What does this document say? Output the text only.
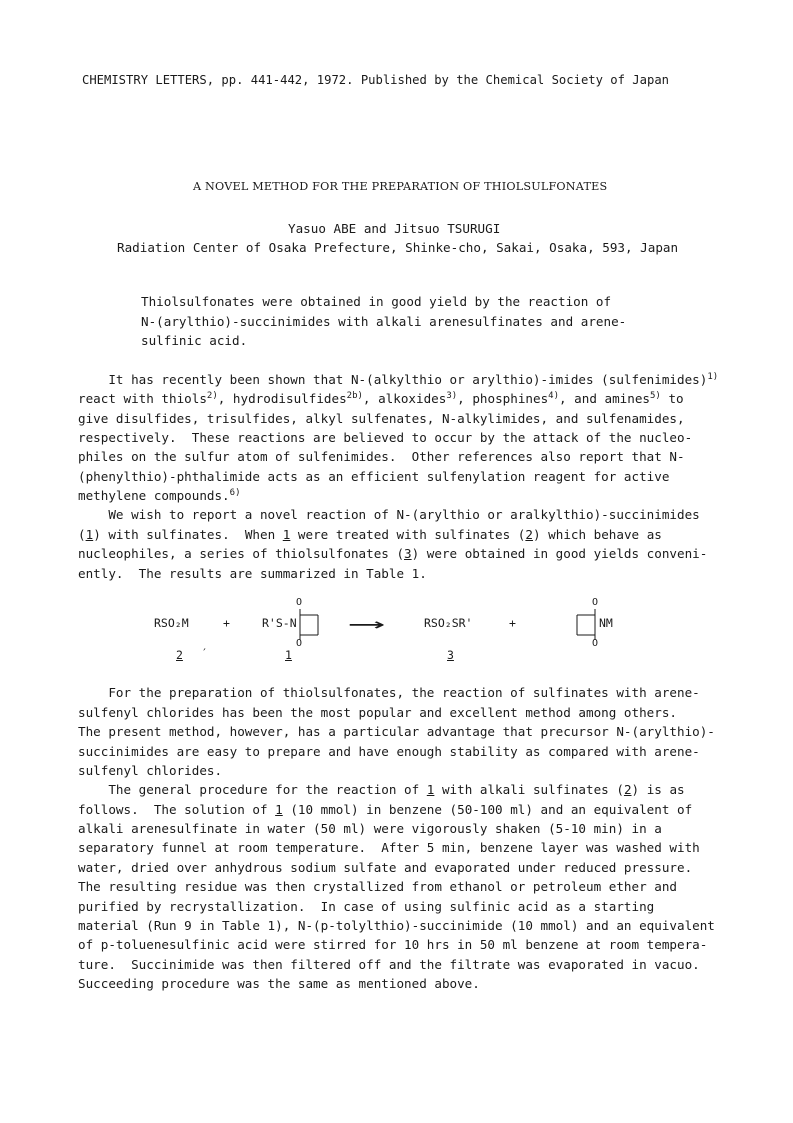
CHEMISTRY LETTERS, pp. 441-442, 1972. Published by the Chemical Society of Japan
A NOVEL METHOD FOR THE PREPARATION OF THIOLSULFONATES
Yasuo ABE and Jitsuo TSURUGI
Radiation Center of Osaka Prefecture, Shinke-cho, Sakai, Osaka, 593, Japan
Thiolsulfonates were obtained in good yield by the reaction of
N-(arylthio)-succinimides with alkali arenesulfinates and arene-
sulfinic acid.
It has recently been shown that N-(alkylthio or arylthio)-imides (sulfenimides)$^{1)}$
react with thiols$^{2)}$, hydrodisulfides$^{2b)}$, alkoxides$^{3)}$, phosphines$^{4)}$, and amines$^{5)}$ to
give disulfides, trisulfides, alkyl sulfenates, N-alkylimides, and sulfenamides,
respectively.  These reactions are believed to occur by the attack of the nucleo-
philes on the sulfur atom of sulfenimides.  Other references also report that N-
(phenylthio)-phthalimide acts as an efficient sulfenylation reagent for active
methylene compounds.$^{6)}$
We wish to report a novel reaction of N-(arylthio or aralkylthio)-succinimides
(1) with sulfinates.  When 1 were treated with sulfinates (2) which behave as
nucleophiles, a series of thiolsulfonates (3) were obtained in good yields conveni-
ently.  The results are summarized in Table 1.
RSO₂M	+	R'S-N
O
O
⟶	RSO₂SR'	+
O
O
NM
2 ′	1	3
For the preparation of thiolsulfonates, the reaction of sulfinates with arene-
sulfenyl chlorides has been the most popular and excellent method among others.
The present method, however, has a particular advantage that precursor N-(arylthio)-
succinimides are easy to prepare and have enough stability as compared with arene-
sulfenyl chlorides.
The general procedure for the reaction of 1 with alkali sulfinates (2) is as
follows.  The solution of 1 (10 mmol) in benzene (50-100 ml) and an equivalent of
alkali arenesulfinate in water (50 ml) were vigorously shaken (5-10 min) in a
separatory funnel at room temperature.  After 5 min, benzene layer was washed with
water, dried over anhydrous sodium sulfate and evaporated under reduced pressure.
The resulting residue was then crystallized from ethanol or petroleum ether and
purified by recrystallization.  In case of using sulfinic acid as a starting
material (Run 9 in Table 1), N-(p-tolylthio)-succinimide (10 mmol) and an equivalent
of p-toluenesulfinic acid were stirred for 10 hrs in 50 ml benzene at room tempera-
ture.  Succinimide was then filtered off and the filtrate was evaporated in vacuo.
Succeeding procedure was the same as mentioned above.
